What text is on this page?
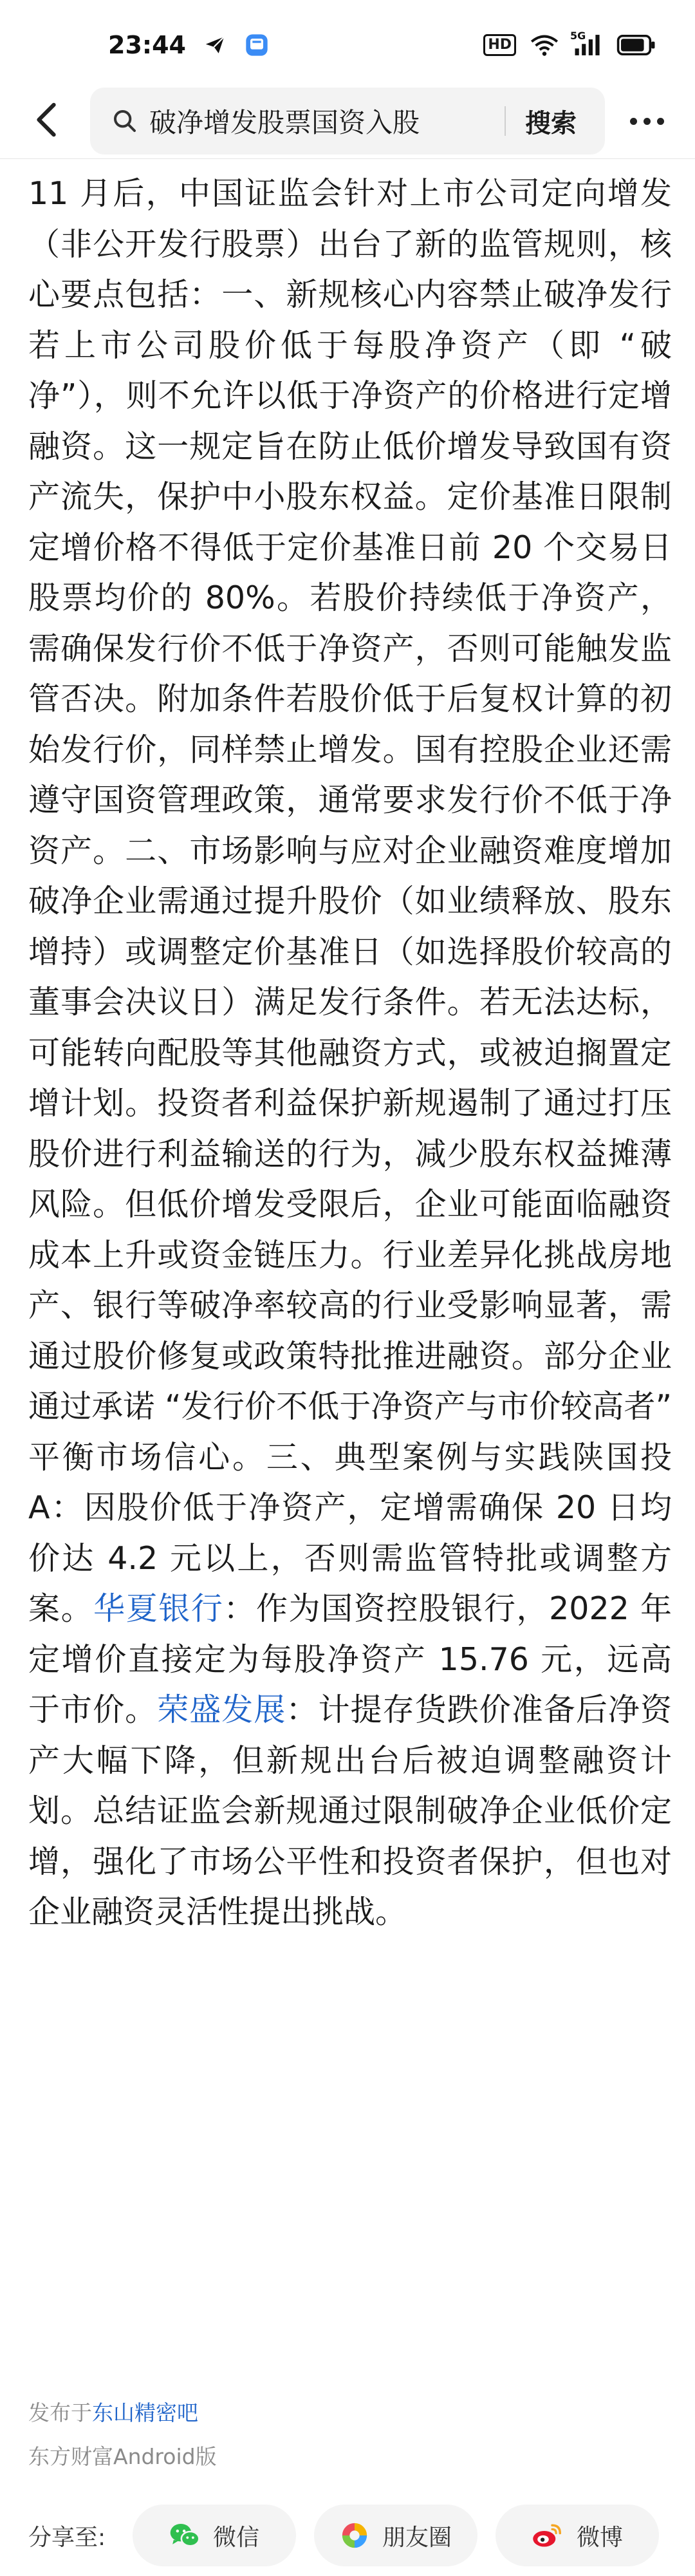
23:44	HD
5G
破净增发股票国资入股	搜索
11 月后，中国证监会针对上市公司定向增发（非公开发行股票）出台了新的监管规则，核心要点包括：一、新规核心内容禁止破净发行若上市公司股价低于每股净资产（即 “破净”），则不允许以低于净资产的价格进行定增融资。这一规定旨在防止低价增发导致国有资产流失，保护中小股东权益。定价基准日限制定增价格不得低于定价基准日前 20 个交易日股票均价的 80%。若股价持续低于净资产，需确保发行价不低于净资产，否则可能触发监管否决。附加条件若股价低于后复权计算的初始发行价，同样禁止增发。国有控股企业还需遵守国资管理政策，通常要求发行价不低于净资产。二、市场影响与应对企业融资难度增加破净企业需通过提升股价（如业绩释放、股东增持）或调整定价基准日（如选择股价较高的董事会决议日）满足发行条件。若无法达标，可能转向配股等其他融资方式，或被迫搁置定增计划。投资者利益保护新规遏制了通过打压股价进行利益输送的行为，减少股东权益摊薄风险。但低价增发受限后，企业可能面临融资成本上升或资金链压力。行业差异化挑战房地产、银行等破净率较高的行业受影响显著，需通过股价修复或政策特批推进融资。部分企业通过承诺 “发行价不低于净资产与市价较高者” 平衡市场信心。三、典型案例与实践陕国投 A：因股价低于净资产，定增需确保 20 日均价达 4.2 元以上，否则需监管特批或调整方案。华夏银行：作为国资控股银行，2022 年定增价直接定为每股净资产 15.76 元，远高于市价。荣盛发展：计提存货跌价准备后净资产大幅下降，但新规出台后被迫调整融资计划。总结证监会新规通过限制破净企业低价定增，强化了市场公平性和投资者保护，但也对企业融资灵活性提出挑战。
发布于东山精密吧
东方财富Android版
分享至:	微信	朋友圈	微博
